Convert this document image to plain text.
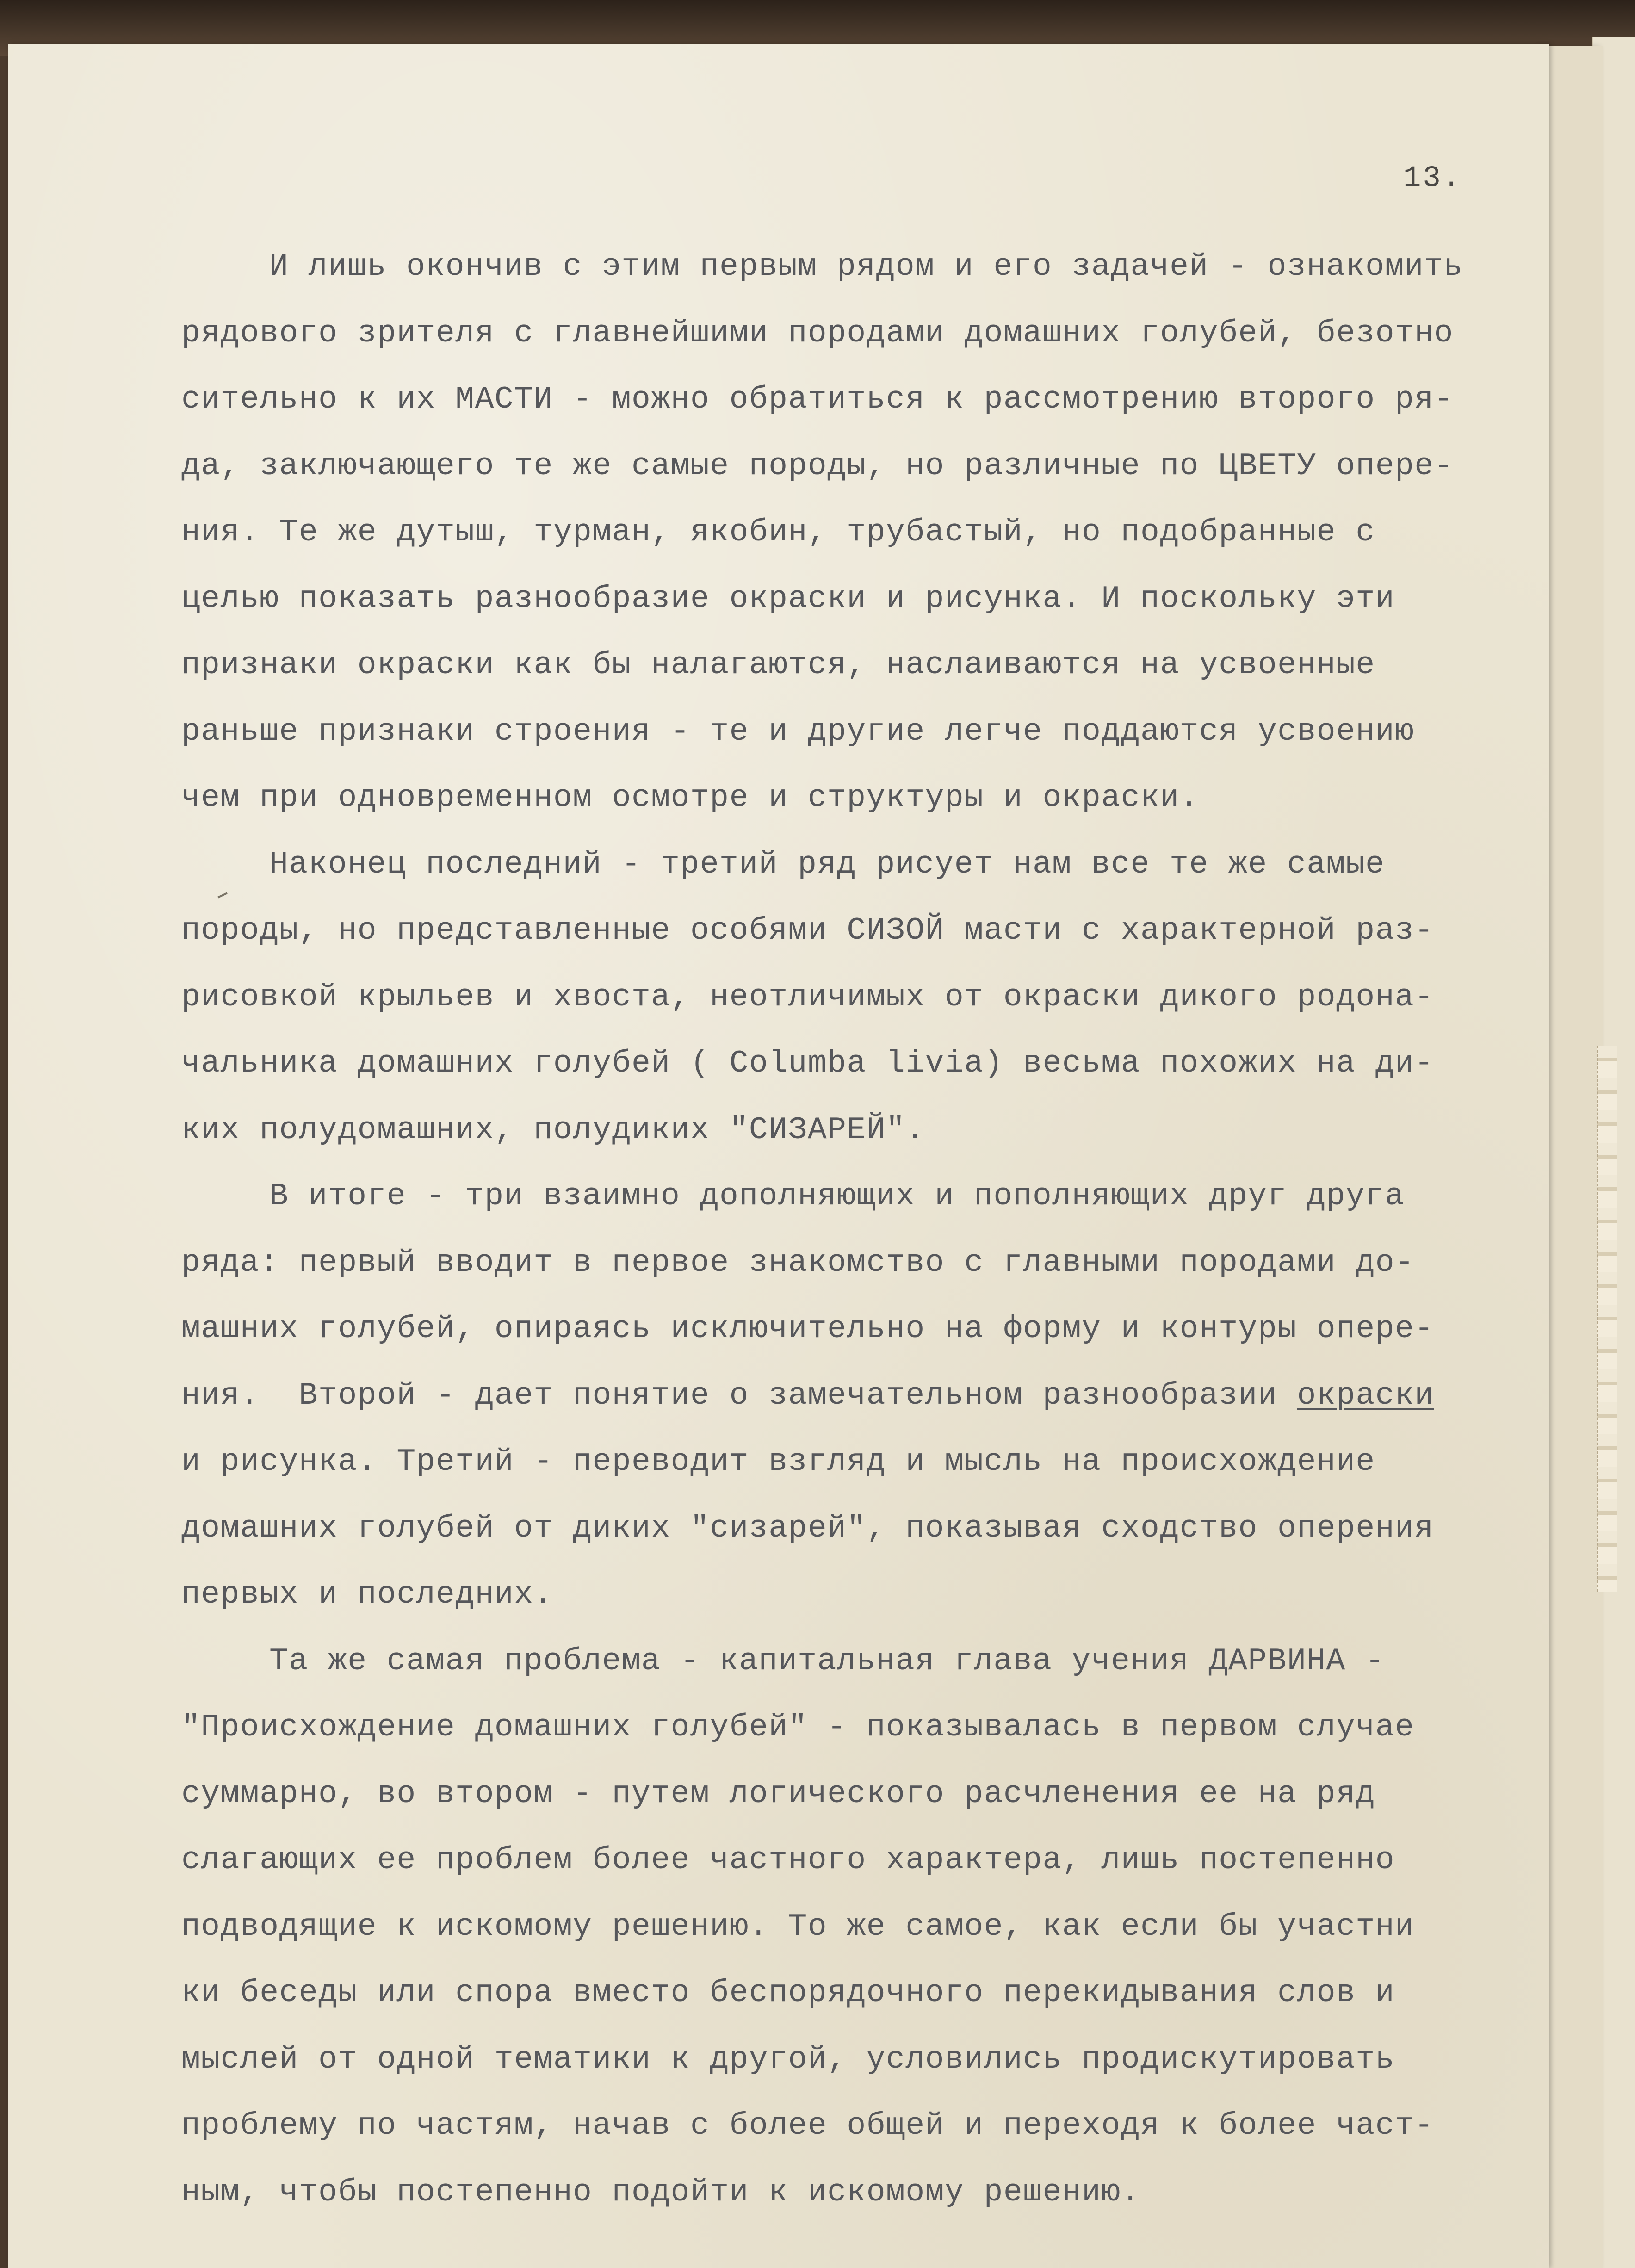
13.
И лишь окончив с этим первым рядом и его задачей - ознакомить
рядового зрителя с главнейшими породами домашних голубей, безотно
сительно к их МАСТИ - можно обратиться к рассмотрению второго ря-
да, заключающего те же самые породы, но различные по ЦВЕТУ опере-
ния. Те же дутыш, турман, якобин, трубастый, но подобранные с
целью показать разнообразие окраски и рисунка. И поскольку эти
признаки окраски как бы налагаются, наслаиваются на усвоенные
раньше признаки строения - те и другие легче поддаются усвоению
чем при одновременном осмотре и структуры и окраски.
Наконец последний - третий ряд рисует нам все те же самые
породы, но представленные особями СИЗОЙ масти с характерной раз-
рисовкой крыльев и хвоста, неотличимых от окраски дикого родона-
чальника домашних голубей ( Columba livia) весьма похожих на ди-
ких полудомашних, полудиких "СИЗАРЕЙ".
В итоге - три взаимно дополняющих и пополняющих друг друга
ряда: первый вводит в первое знакомство с главными породами до-
машних голубей, опираясь исключительно на форму и контуры опере-
ния.  Второй - дает понятие о замечательном разнообразии окраски
и рисунка. Третий - переводит взгляд и мысль на происхождение
домашних голубей от диких "сизарей", показывая сходство оперения
первых и последних.
Та же самая проблема - капитальная глава учения ДАРВИНА -
"Происхождение домашних голубей" - показывалась в первом случае
суммарно, во втором - путем логического расчленения ее на ряд
слагающих ее проблем более частного характера, лишь постепенно
подводящие к искомому решению. То же самое, как если бы участни
ки беседы или спора вместо беспорядочного перекидывания слов и
мыслей от одной тематики к другой, условились продискутировать
проблему по частям, начав с более общей и переходя к более част-
ным, чтобы постепенно подойти к искомому решению.
